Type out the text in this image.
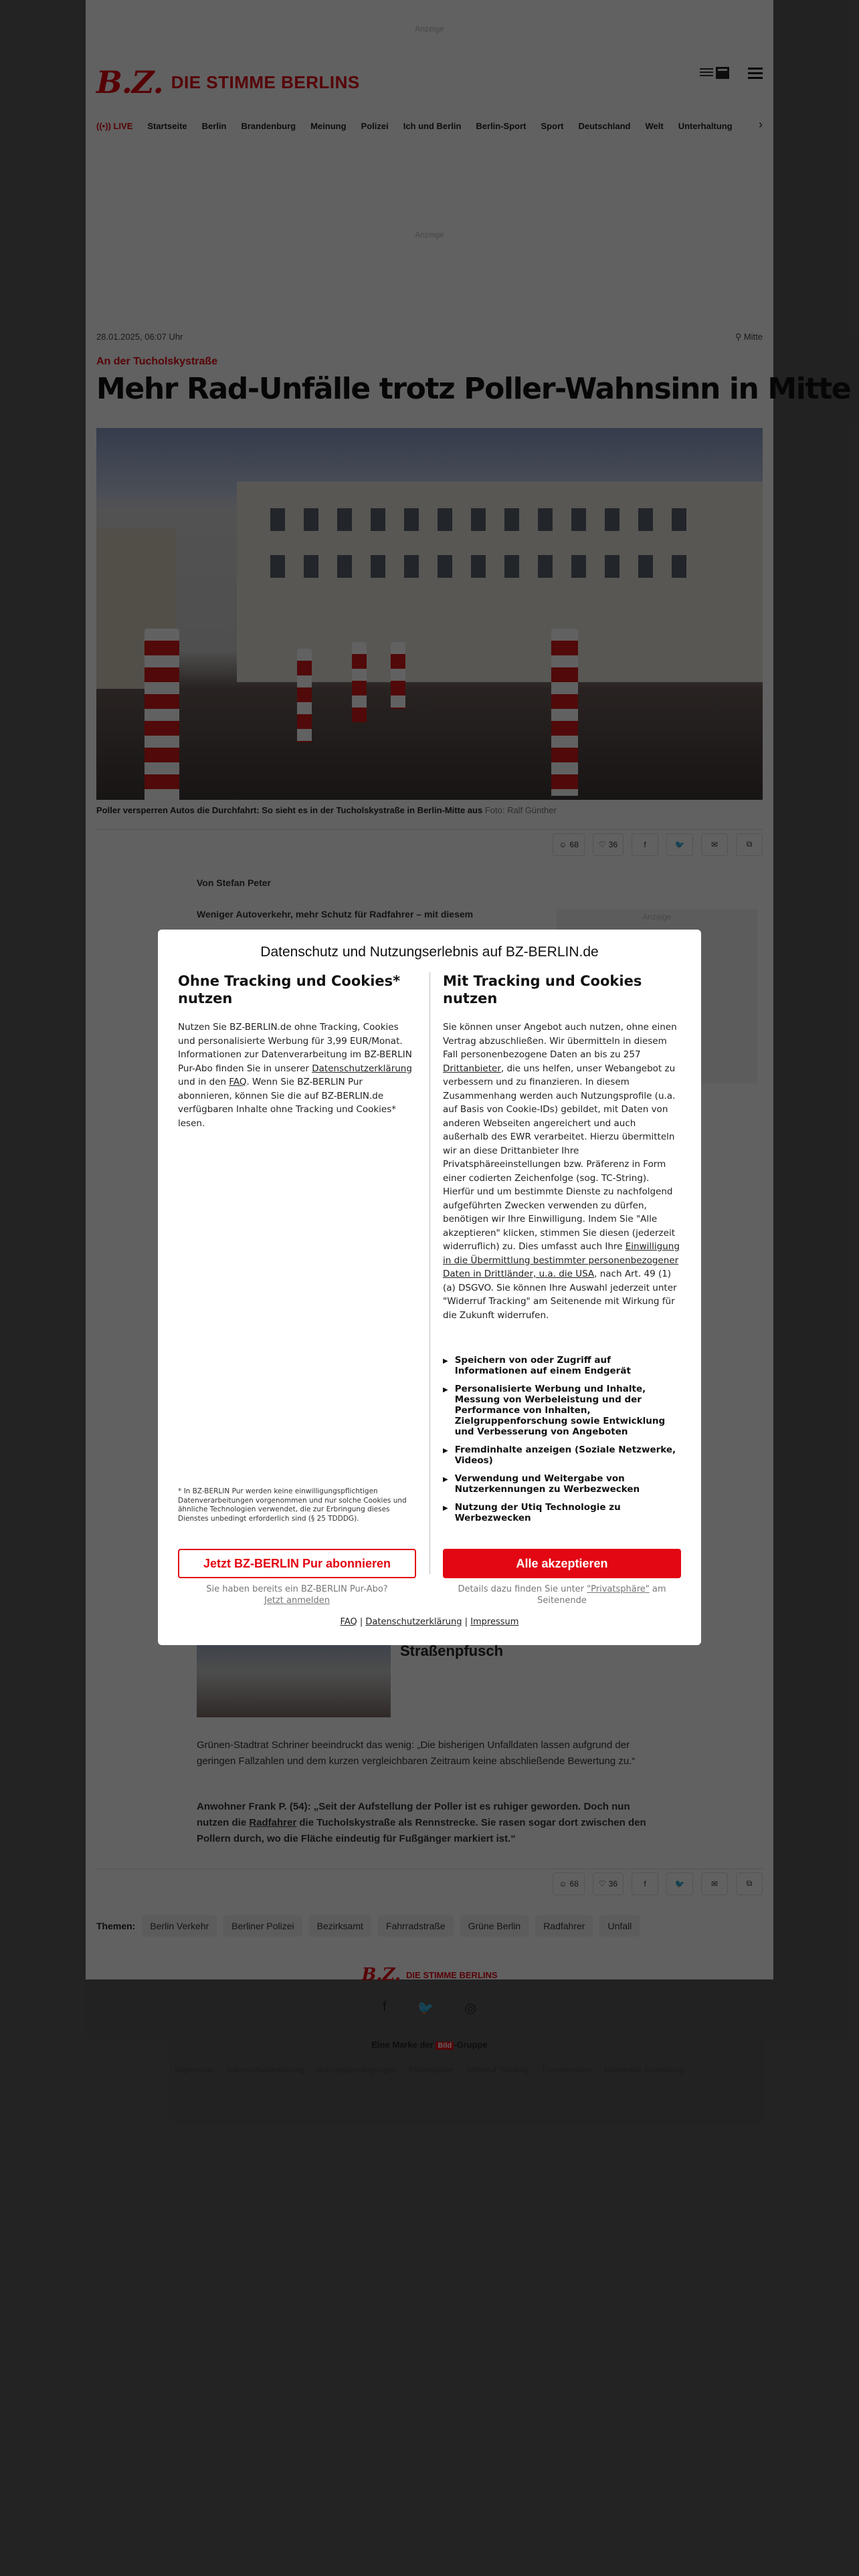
Datenschutz und Nutzungserlebnis auf BZ-BERLIN.de
Ohne Tracking und Cookies* nutzen

Nutzen Sie BZ-BERLIN.de ohne Tracking, Cookies und personalisierte Werbung für 3,99 EUR/Monat. Informationen zur Datenverarbeitung im BZ-BERLIN Pur-Abo finden Sie in unserer Datenschutzerklärung und in den FAQ. Wenn Sie BZ-BERLIN Pur abonnieren, können Sie die auf BZ-BERLIN.de verfügbaren Inhalte ohne Tracking und Cookies* lesen.

Mit Tracking und Cookies nutzen

Sie können unser Angebot auch nutzen, ohne einen Vertrag abzuschließen. Wir übermitteln in diesem Fall personenbezogene Daten an bis zu 257 Drittanbieter, die uns helfen, unser Webangebot zu verbessern und zu finanzieren. In diesem Zusammenhang werden auch Nutzungsprofile (u.a. auf Basis von Cookie-IDs) gebildet, mit Daten von anderen Webseiten angereichert und auch außerhalb des EWR verarbeitet. Hierzu übermitteln wir an diese Drittanbieter Ihre Privatsphäreeinstellungen bzw. Präferenz in Form einer codierten Zeichenfolge (sog. TC-String). Hierfür und um bestimmte Dienste zu nachfolgend aufgeführten Zwecken verwenden zu dürfen, benötigen wir Ihre Einwilligung. Indem Sie "Alle akzeptieren" klicken, stimmen Sie diesen (jederzeit widerruflich) zu. Dies umfasst auch Ihre Einwilligung in die Übermittlung bestimmter personenbezogener Daten in Drittländer, u.a. die USA, nach Art. 49 (1) (a) DSGVO. Sie können Ihre Auswahl jederzeit unter "Widerruf Tracking" am Seitenende mit Wirkung für die Zukunft widerrufen.

▶ Speichern von oder Zugriff auf Informationen auf einem Endgerät
▶ Personalisierte Werbung und Inhalte, Messung von Werbeleistung und der Performance von Inhalten, Zielgruppenforschung sowie Entwicklung und Verbesserung von Angeboten
▶ Fremdinhalte anzeigen (Soziale Netzwerke, Videos)
▶ Verwendung und Weitergabe von Nutzerkennungen zu Werbezwecken
▶ Nutzung der Utiq Technologie zu Werbezwecken
* In BZ-BERLIN Pur werden keine einwilligungspflichtigen Datenverarbeitungen vorgenommen und nur solche Cookies und ähnliche Technologien verwendet, die zur Erbringung dieses Dienstes unbedingt erforderlich sind (§ 25 TDDDG).
Jetzt BZ-BERLIN Pur abonnieren	Alle akzeptieren
Sie haben bereits ein BZ-BERLIN Pur-Abo?
Jetzt anmelden
Details dazu finden Sie unter "Privatsphäre" am Seitenende
FAQ | Datenschutzerklärung | Impressum
